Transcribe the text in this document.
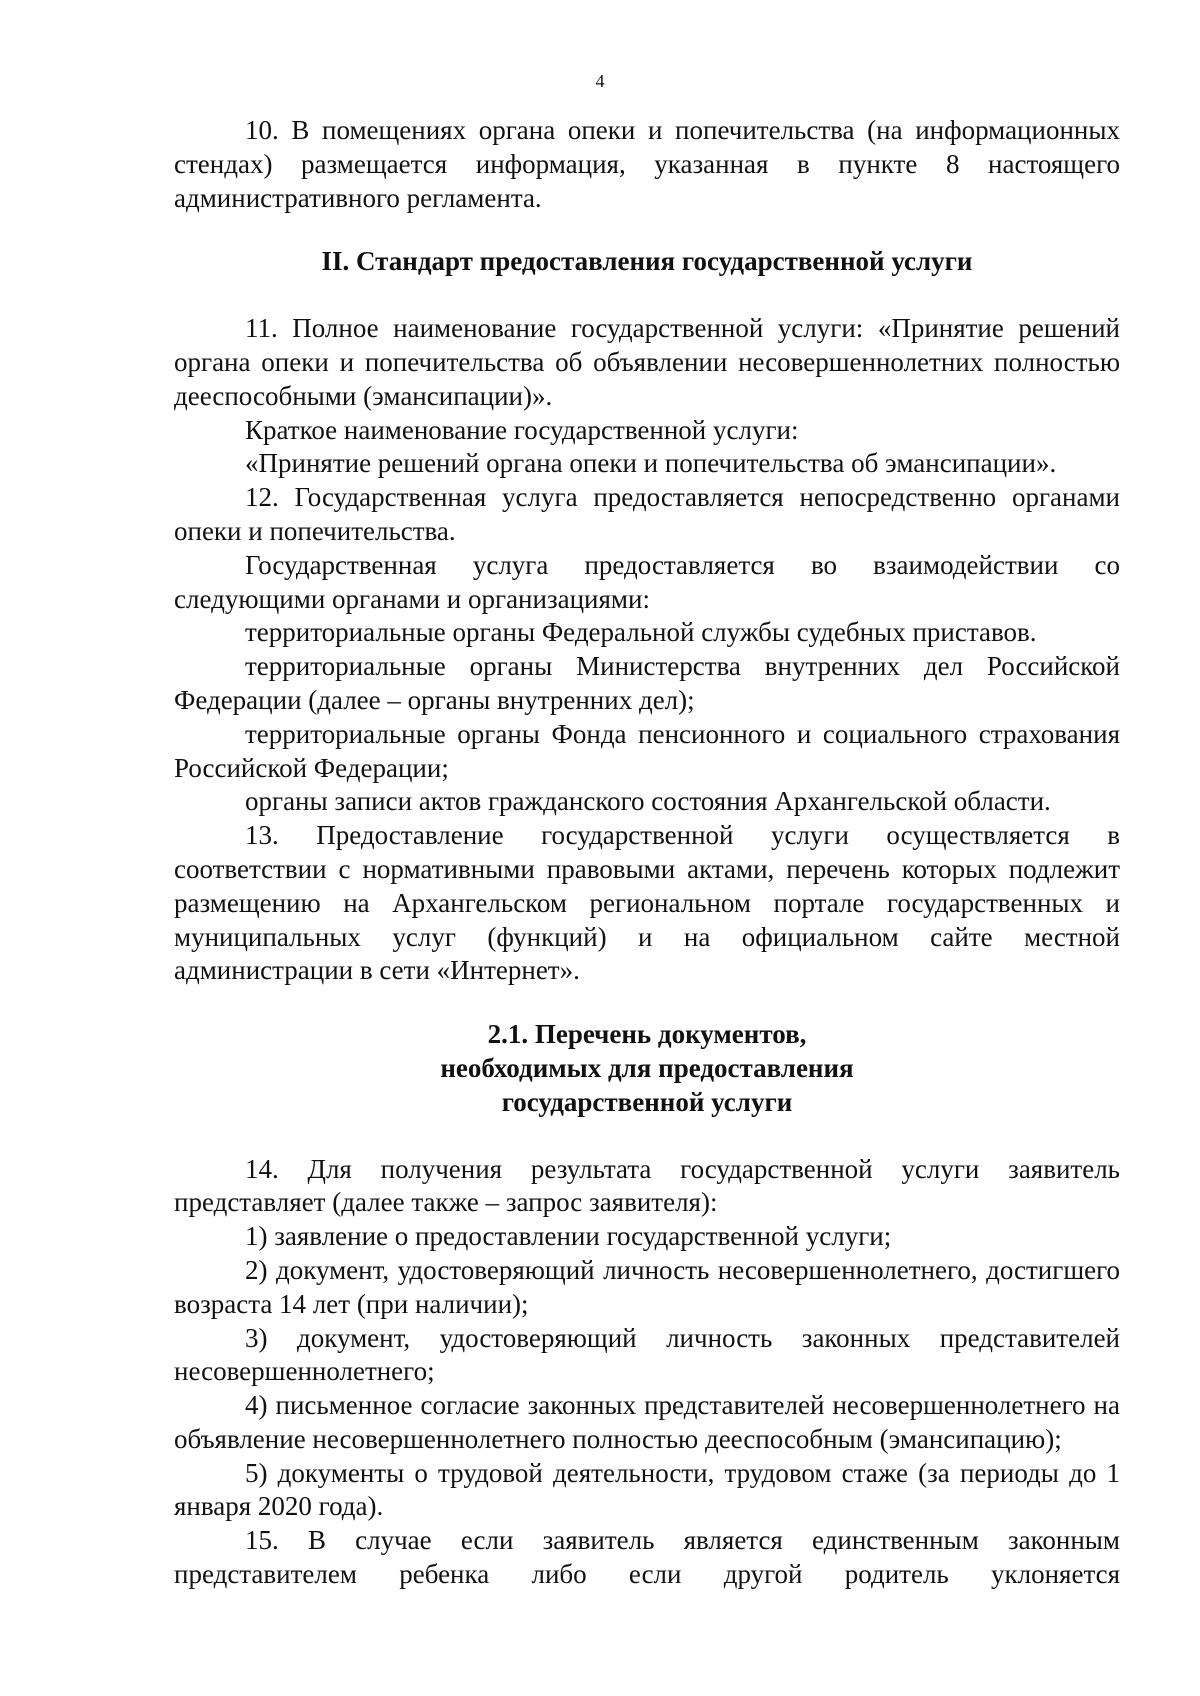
4

10. В помещениях органа опеки и попечительства (на информационных стендах) размещается информация, указанная в пункте 8 настоящего административного регламента.

II. Стандарт предоставления государственной услуги

11. Полное наименование государственной услуги: «Принятие решений органа опеки и попечительства об объявлении несовершеннолетних полностью дееспособными (эмансипации)».

Краткое наименование государственной услуги:

«Принятие решений органа опеки и попечительства об эмансипации».

12. Государственная услуга предоставляется непосредственно органами опеки и попечительства.

Государственная услуга предоставляется во взаимодействии со следующими органами и организациями:

территориальные органы Федеральной службы судебных приставов.

территориальные органы Министерства внутренних дел Российской Федерации (далее – органы внутренних дел);

территориальные органы Фонда пенсионного и социального страхования Российской Федерации;

органы записи актов гражданского состояния Архангельской области.

13. Предоставление государственной услуги осуществляется в соответствии с нормативными правовыми актами, перечень которых подлежит размещению на Архангельском региональном портале государственных и муниципальных услуг (функций) и на официальном сайте местной администрации в сети «Интернет».

2.1. Перечень документов,
необходимых для предоставления
государственной услуги

14. Для получения результата государственной услуги заявитель представляет (далее также – запрос заявителя):

1) заявление о предоставлении государственной услуги;

2) документ, удостоверяющий личность несовершеннолетнего, достигшего возраста 14 лет (при наличии);

3) документ, удостоверяющий личность законных представителей несовершеннолетнего;

4) письменное согласие законных представителей несовершеннолетнего на объявление несовершеннолетнего полностью дееспособным (эмансипацию);

5) документы о трудовой деятельности, трудовом стаже (за периоды до 1 января 2020 года).

15. В случае если заявитель является единственным законным представителем ребенка либо если другой родитель уклоняется
